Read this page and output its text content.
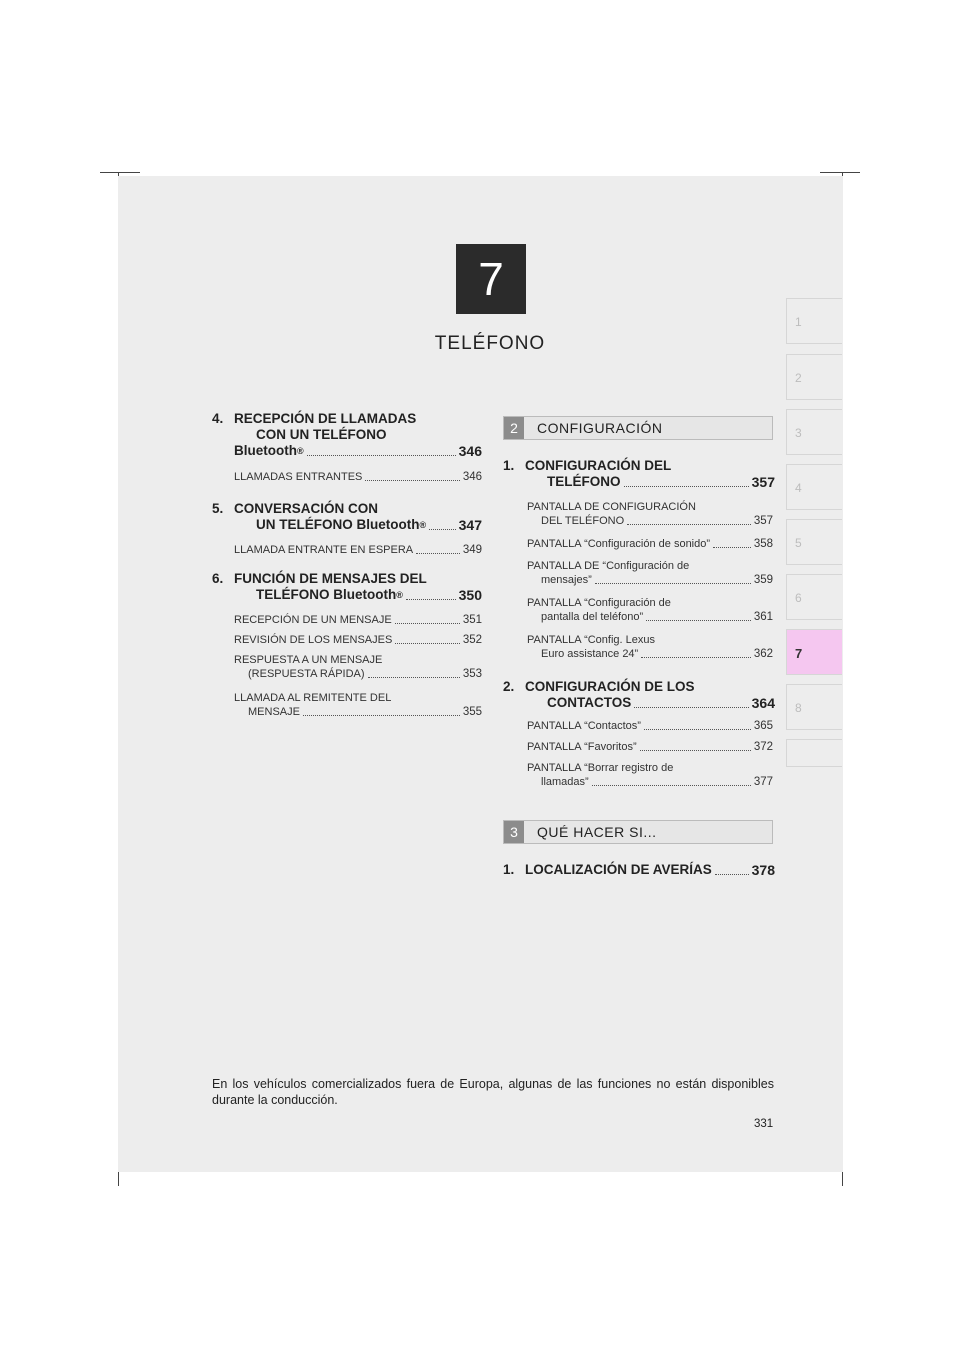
7
TELÉFONO
1
2
3
4
5
6
7
8
4. RECEPCIÓN DE LLAMADAS
CON UN TELÉFONO
Bluetooth ®	346
LLAMADAS ENTRANTES	346
5. CONVERSACIÓN CON
UN TELÉFONO Bluetooth ® 347
LLAMADA ENTRANTE EN ESPERA	349
6. FUNCIÓN DE MENSAJES DEL
TELÉFONO Bluetooth ®	350
RECEPCIÓN DE UN MENSAJE	351
REVISIÓN DE LOS MENSAJES	352
RESPUESTA A UN MENSAJE
(RESPUESTA RÁPIDA)	353
LLAMADA AL REMITENTE DEL
MENSAJE	355
2	CONFIGURACIÓN
1. CONFIGURACIÓN DEL
TELÉFONO	357
PANTALLA DE CONFIGURACIÓN
DEL TELÉFONO	357
PANTALLA “Configuración de sonido”	358
PANTALLA DE “Configuración de
mensajes”	359
PANTALLA “Configuración de
pantalla del teléfono”	361
PANTALLA “Config. Lexus
Euro assistance 24”	362
2. CONFIGURACIÓN DE LOS
CONTACTOS	364
PANTALLA “Contactos”	365
PANTALLA “Favoritos”	372
PANTALLA “Borrar registro de
llamadas”	377
3	QUÉ HACER SI...
1. LOCALIZACIÓN DE AVERÍAS	378
En los vehículos comercializados fuera de Europa, algunas de las funciones no están disponibles durante la conducción.
331
